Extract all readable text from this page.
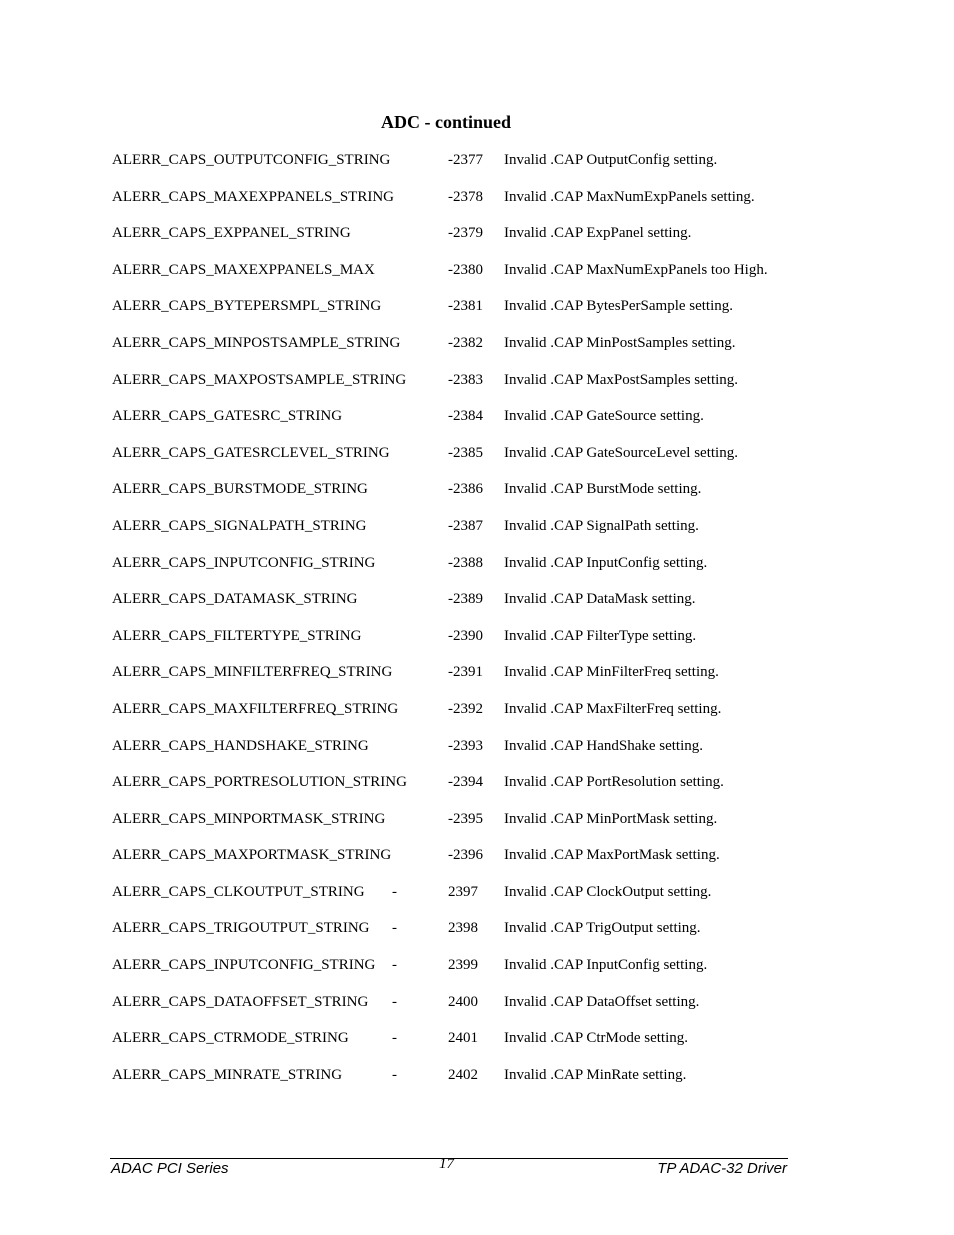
ADC - continued
ALERR_CAPS_OUTPUTCONFIG_STRING	-2377 Invalid .CAP OutputConfig setting.
ALERR_CAPS_MAXEXPPANELS_STRING	-2378 Invalid .CAP MaxNumExpPanels setting.
ALERR_CAPS_EXPPANEL_STRING	-2379 Invalid .CAP ExpPanel setting.
ALERR_CAPS_MAXEXPPANELS_MAX	-2380 Invalid .CAP MaxNumExpPanels too High.
ALERR_CAPS_BYTEPERSMPL_STRING	-2381 Invalid .CAP BytesPerSample setting.
ALERR_CAPS_MINPOSTSAMPLE_STRING	-2382 Invalid .CAP MinPostSamples setting.
ALERR_CAPS_MAXPOSTSAMPLE_STRING	-2383 Invalid .CAP MaxPostSamples setting.
ALERR_CAPS_GATESRC_STRING	-2384 Invalid .CAP GateSource setting.
ALERR_CAPS_GATESRCLEVEL_STRING	-2385 Invalid .CAP GateSourceLevel setting.
ALERR_CAPS_BURSTMODE_STRING	-2386 Invalid .CAP BurstMode setting.
ALERR_CAPS_SIGNALPATH_STRING	-2387 Invalid .CAP SignalPath setting.
ALERR_CAPS_INPUTCONFIG_STRING	-2388 Invalid .CAP InputConfig setting.
ALERR_CAPS_DATAMASK_STRING	-2389 Invalid .CAP DataMask setting.
ALERR_CAPS_FILTERTYPE_STRING	-2390 Invalid .CAP FilterType setting.
ALERR_CAPS_MINFILTERFREQ_STRING	-2391 Invalid .CAP MinFilterFreq setting.
ALERR_CAPS_MAXFILTERFREQ_STRING	-2392 Invalid .CAP MaxFilterFreq setting.
ALERR_CAPS_HANDSHAKE_STRING	-2393 Invalid .CAP HandShake setting.
ALERR_CAPS_PORTRESOLUTION_STRING	-2394 Invalid .CAP PortResolution setting.
ALERR_CAPS_MINPORTMASK_STRING	-2395 Invalid .CAP MinPortMask setting.
ALERR_CAPS_MAXPORTMASK_STRING	-2396 Invalid .CAP MaxPortMask setting.
ALERR_CAPS_CLKOUTPUT_STRING -	2397 Invalid .CAP ClockOutput setting.
ALERR_CAPS_TRIGOUTPUT_STRING -	2398 Invalid .CAP TrigOutput setting.
ALERR_CAPS_INPUTCONFIG_STRING -	2399 Invalid .CAP InputConfig setting.
ALERR_CAPS_DATAOFFSET_STRING -	2400 Invalid .CAP DataOffset setting.
ALERR_CAPS_CTRMODE_STRING	-	2401 Invalid .CAP CtrMode setting.
ALERR_CAPS_MINRATE_STRING	-	2402 Invalid .CAP MinRate setting.
ADAC PCI Series	17	TP ADAC-32 Driver
